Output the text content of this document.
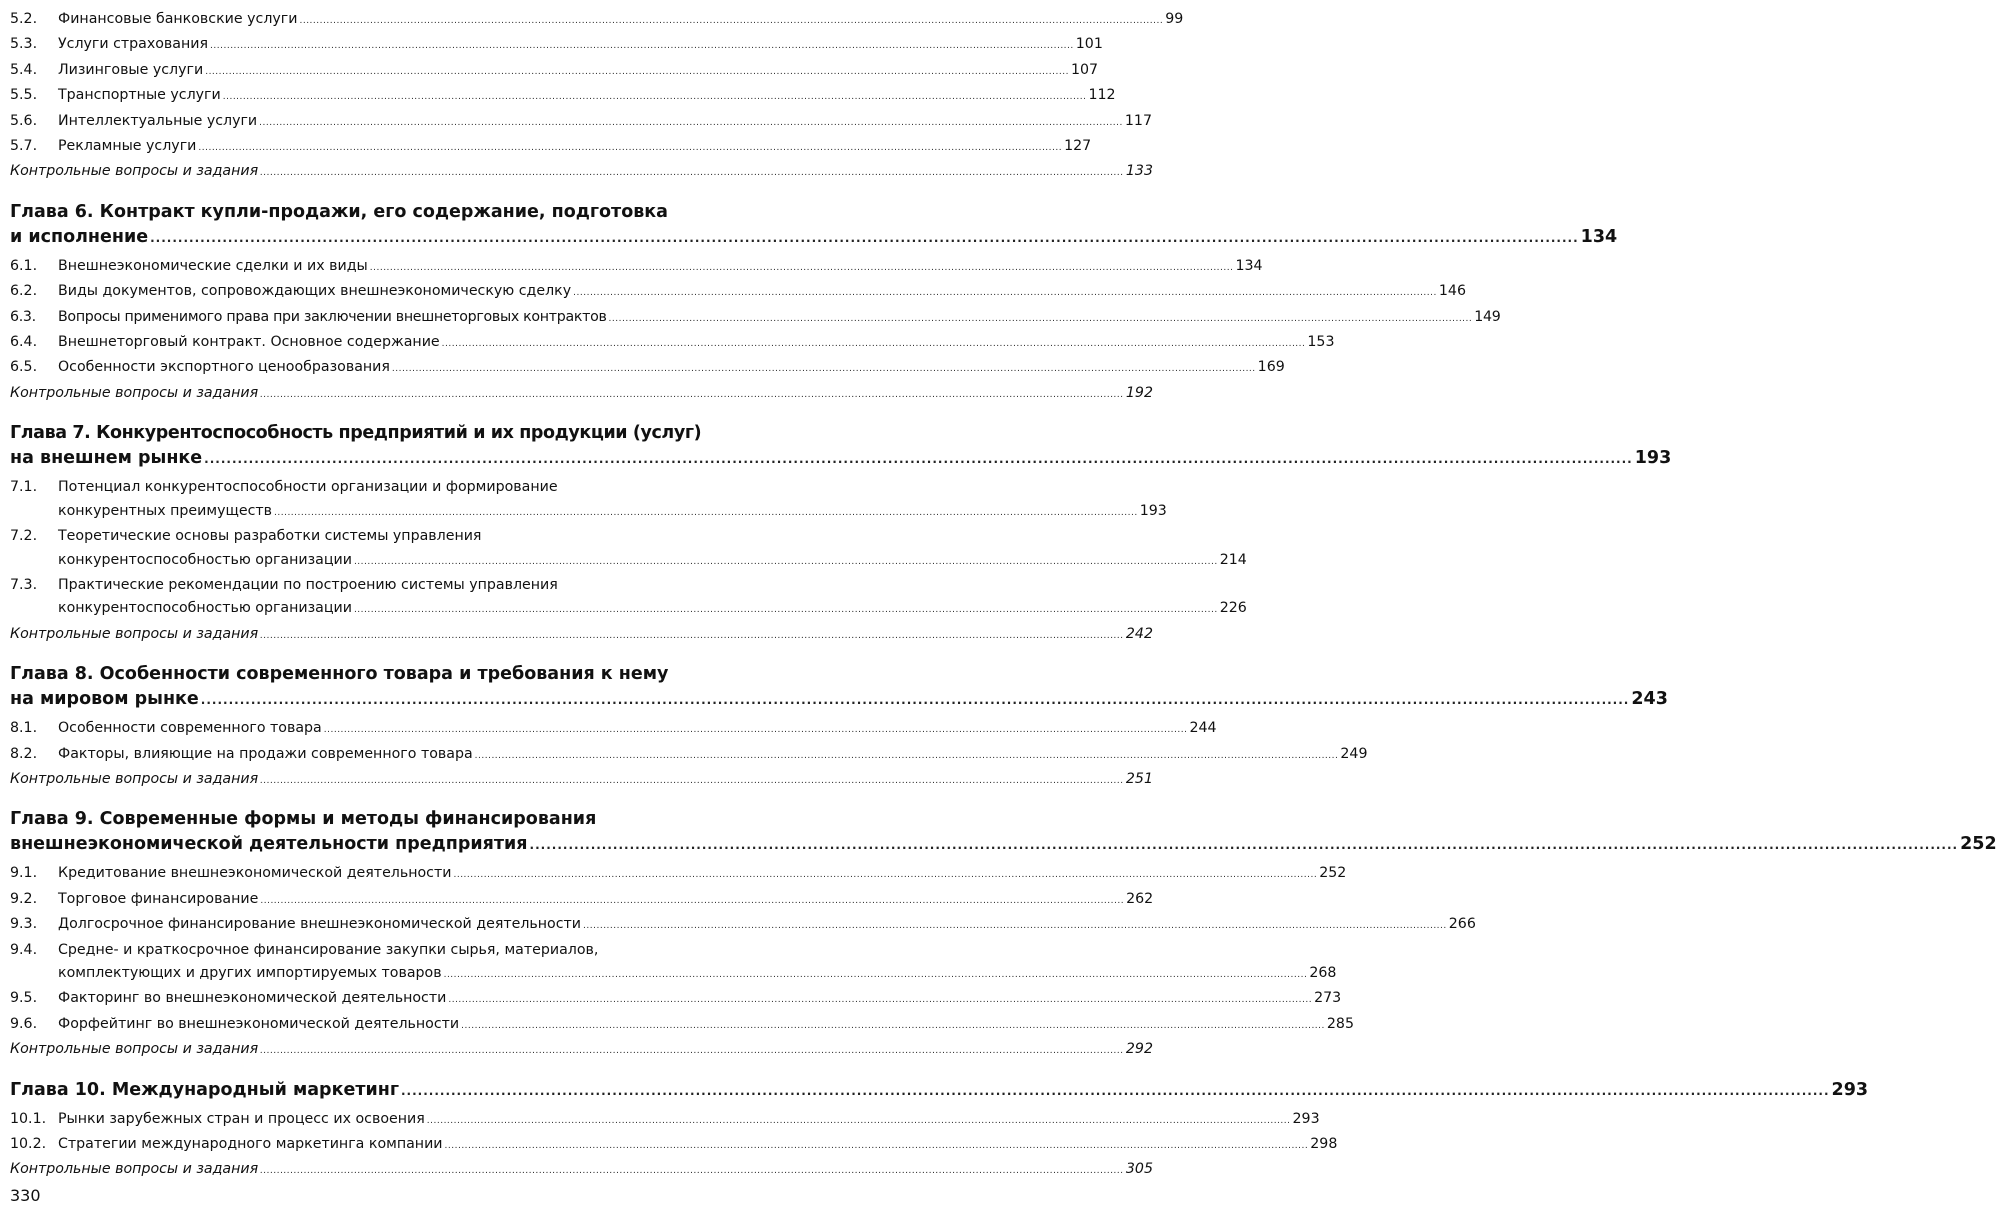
5.2.	Финансовые банковские услуги .....	99
5.3.	Услуги страхования .....	101
5.4.	Лизинговые услуги .....	107
5.5.	Транспортные услуги .....	112
5.6.	Интеллектуальные услуги .....	117
5.7.	Рекламные услуги .....	127
Контрольные вопросы и задания .....	133
Глава 6. Контракт купли-продажи, его содержание, подготовка
и исполнение .....	134
6.1.	Внешнеэкономические сделки и их виды .....	134
6.2.	Виды документов, сопровождающих внешнеэкономическую сделку .....	146
6.3.	Вопросы применимого права при заключении внешнеторговых контрактов .....	149
6.4.	Внешнеторговый контракт. Основное содержание .....	153
6.5.	Особенности экспортного ценообразования .....	169
Контрольные вопросы и задания .....	192
Глава 7. Конкурентоспособность предприятий и их продукции (услуг)
на внешнем рынке .....	193
7.1.	Потенциал конкурентоспособности организации и формирование
конкурентных преимуществ .....	193
7.2.	Теоретические основы разработки системы управления
конкурентоспособностью организации .....	214
7.3.	Практические рекомендации по построению системы управления
конкурентоспособностью организации .....	226
Контрольные вопросы и задания .....	242
Глава 8. Особенности современного товара и требования к нему
на мировом рынке .....	243
8.1.	Особенности современного товара .....	244
8.2.	Факторы, влияющие на продажи современного товара .....	249
Контрольные вопросы и задания .....	251
Глава 9. Современные формы и методы финансирования
внешнеэкономической деятельности предприятия .....	252
9.1.	Кредитование внешнеэкономической деятельности .....	252
9.2.	Торговое финансирование .....	262
9.3.	Долгосрочное финансирование внешнеэкономической деятельности .....	266
9.4.	Средне- и краткосрочное финансирование закупки сырья, материалов,
комплектующих и других импортируемых товаров .....	268
9.5.	Факторинг во внешнеэкономической деятельности .....	273
9.6.	Форфейтинг во внешнеэкономической деятельности .....	285
Контрольные вопросы и задания .....	292
Глава 10. Международный маркетинг .....	293
10.1. Рынки зарубежных стран и процесс их освоения .....	293
10.2. Стратегии международного маркетинга компании .....	298
Контрольные вопросы и задания .....	305
330
